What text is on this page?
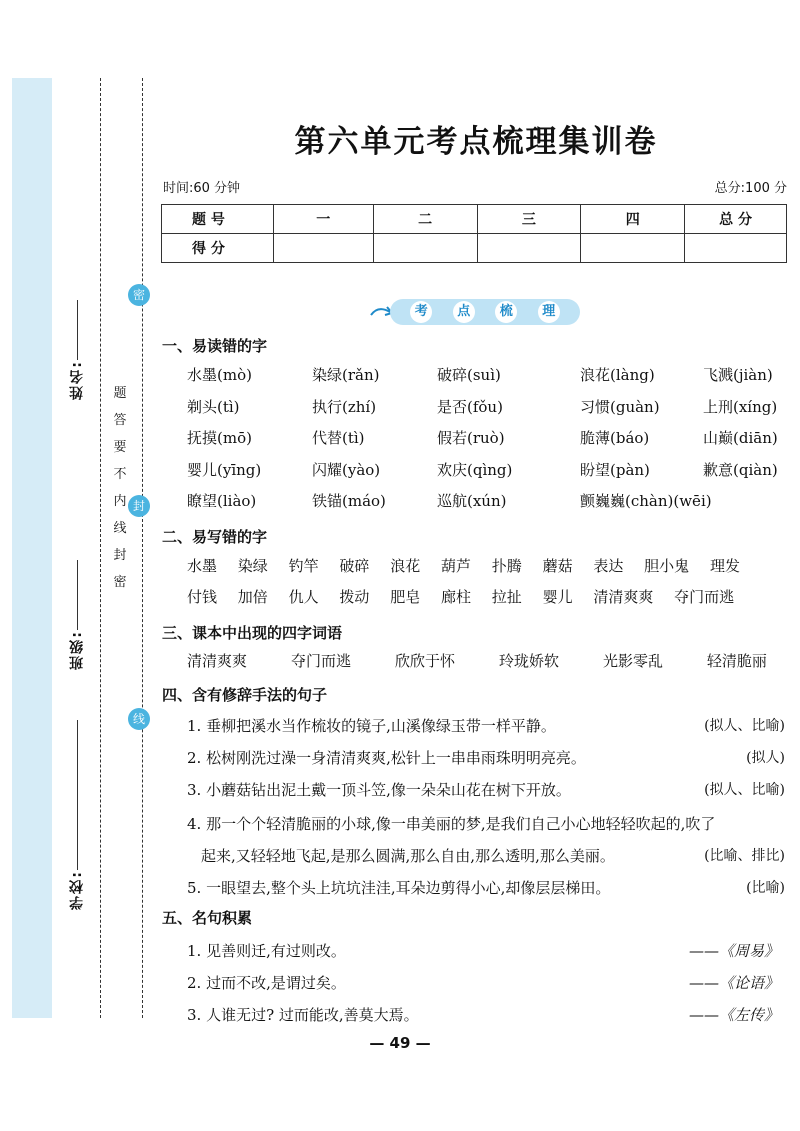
姓名:
班级:
学校:
密
封
线
题
答
要
不
内
线
封
密
第六单元考点梳理集训卷
时间:60 分钟	总分:100 分
题 号	一	二	三	四	总 分
得 分					
考	点	梳	理
一、易读错的字
水墨(mò)	染绿(rǎn)	破碎(suì)	浪花(làng)	飞溅(jiàn)
剃头(tì)	执行(zhí)	是否(fǒu)	习惯(guàn)	上刑(xíng)
抚摸(mō)	代替(tì)	假若(ruò)	脆薄(báo)	山巅(diān)
婴儿(yīng)	闪耀(yào)	欢庆(qìng)	盼望(pàn)	歉意(qiàn)
瞭望(liào)	铁锚(máo)	巡航(xún)	颤巍巍(chàn)(wēi)
二、易写错的字
水墨 染绿 钓竿 破碎 浪花 葫芦 扑腾 蘑菇 表达 胆小鬼 理发
付钱 加倍 仇人 拨动 肥皂 廊柱 拉扯 婴儿 清清爽爽 夺门而逃
三、课本中出现的四字词语
清清爽爽	夺门而逃	欣欣于怀	玲珑娇软	光影零乱	轻清脆丽
四、含有修辞手法的句子
1. 垂柳把溪水当作梳妆的镜子,山溪像绿玉带一样平静。	(拟人、比喻)
2. 松树刚洗过澡一身清清爽爽,松针上一串串雨珠明明亮亮。	(拟人)
3. 小蘑菇钻出泥土戴一顶斗笠,像一朵朵山花在树下开放。	(拟人、比喻)
4. 那一个个轻清脆丽的小球,像一串美丽的梦,是我们自己小心地轻轻吹起的,吹了
起来,又轻轻地飞起,是那么圆满,那么自由,那么透明,那么美丽。	(比喻、排比)
5. 一眼望去,整个头上坑坑洼洼,耳朵边剪得小心,却像层层梯田。	(比喻)
五、名句积累
1. 见善则迁,有过则改。	——《周易》
2. 过而不改,是谓过矣。	——《论语》
3. 人谁无过? 过而能改,善莫大焉。	——《左传》
— 49 —
